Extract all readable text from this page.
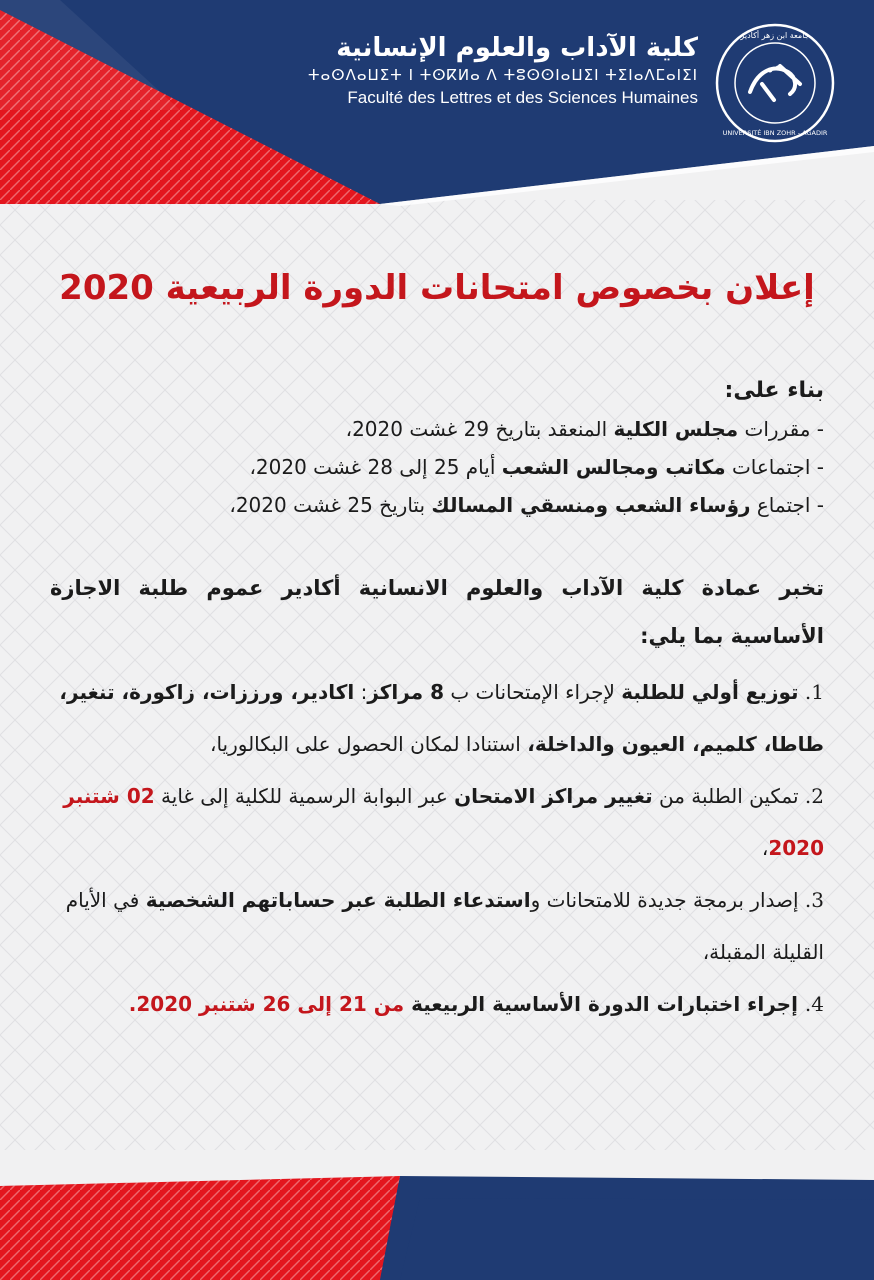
كلية الآداب والعلوم الإنسانية
ⵜⴰⵙⴷⴰⵡⵉⵜ ⵏ ⵜⵙⴽⵍⴰ ⴷ ⵜⵓⵙⵙⵏⴰⵡⵉⵏ ⵜⵉⵏⴰⴷⵎⴰⵏⵉⵏ
Faculté des Lettres et des Sciences Humaines
جامعة ابن زهر أكادير
UNIVERSITÉ IBN ZOHR - AGADIR
إعلان بخصوص امتحانات الدورة الربيعية 2020
بناء على:
- مقررات مجلس الكلية المنعقد بتاريخ 29 غشت 2020،
- اجتماعات مكاتب ومجالس الشعب أيام 25 إلى 28 غشت 2020،
- اجتماع رؤساء الشعب ومنسقي المسالك بتاريخ 25 غشت 2020،
تخبر عمادة كلية الآداب والعلوم الانسانية أكادير عموم طلبة الاجازة الأساسية بما يلي:

1. توزيع أولي للطلبة لإجراء الإمتحانات ب 8 مراكز: اكادير، ورززات، زاكورة، تنغير، طاطا، كلميم، العيون والداخلة، استنادا لمكان الحصول على البكالوريا،

2. تمكين الطلبة من تغيير مراكز الامتحان عبر البوابة الرسمية للكلية إلى غاية 02 شتنبر 2020،

3. إصدار برمجة جديدة للامتحانات واستدعاء الطلبة عبر حساباتهم الشخصية في الأيام القليلة المقبلة،

4. إجراء اختبارات الدورة الأساسية الربيعية من 21 إلى 26 شتنبر 2020.
